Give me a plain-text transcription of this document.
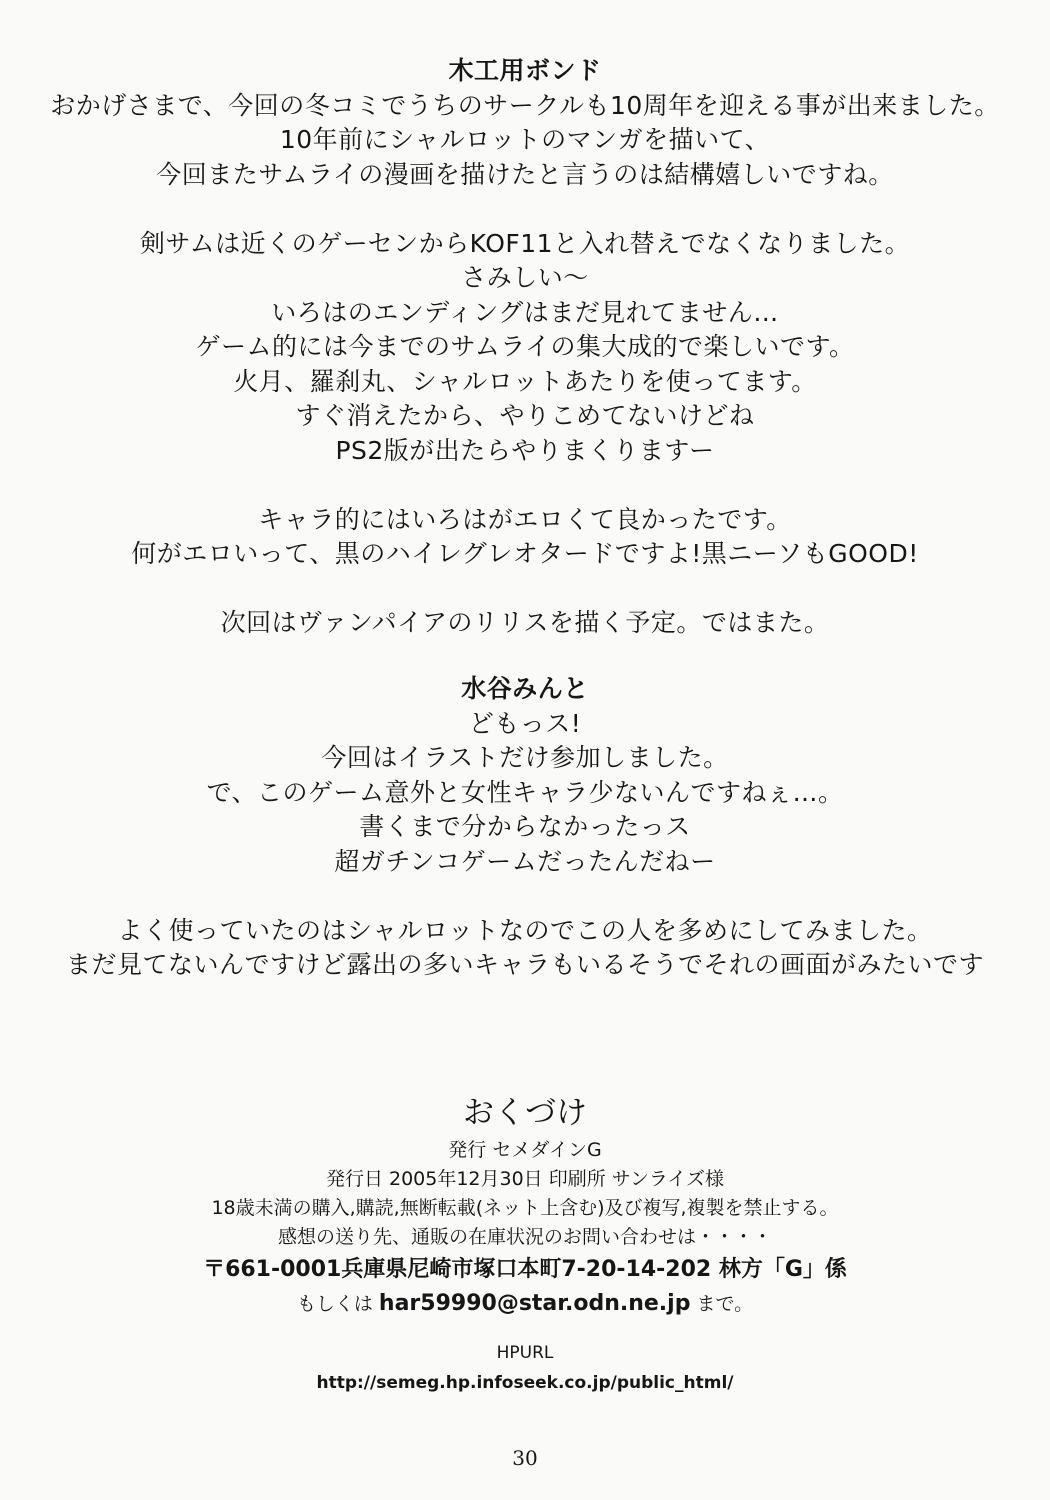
木工用ボンド
おかげさまで、今回の冬コミでうちのサークルも10周年を迎える事が出来ました。
10年前にシャルロットのマンガを描いて、
今回またサムライの漫画を描けたと言うのは結構嬉しいですね。
剣サムは近くのゲーセンからKOF11と入れ替えでなくなりました。
さみしい～
いろはのエンディングはまだ見れてません…
ゲーム的には今までのサムライの集大成的で楽しいです。
火月、羅刹丸、シャルロットあたりを使ってます。
すぐ消えたから、やりこめてないけどね
PS2版が出たらやりまくりますー
キャラ的にはいろはがエロくて良かったです。
何がエロいって、黒のハイレグレオタードですよ!黒ニーソもGOOD!
次回はヴァンパイアのリリスを描く予定。ではまた。
水谷みんと
どもっス!
今回はイラストだけ参加しました。
で、このゲーム意外と女性キャラ少ないんですねぇ…。
書くまで分からなかったっス
超ガチンコゲームだったんだねー
よく使っていたのはシャルロットなのでこの人を多めにしてみました。
まだ見てないんですけど露出の多いキャラもいるそうでそれの画面がみたいです
おくづけ
発行 セメダインG
発行日 2005年12月30日 印刷所 サンライズ様
18歳未満の購入,購読,無断転載(ネット上含む)及び複写,複製を禁止する。
感想の送り先、通販の在庫状況のお問い合わせは・・・・
〒661-0001兵庫県尼崎市塚口本町7-20-14-202 林方「G」係
もしくは har59990@star.odn.ne.jp まで。
HPURL
http://semeg.hp.infoseek.co.jp/public_html/
30
